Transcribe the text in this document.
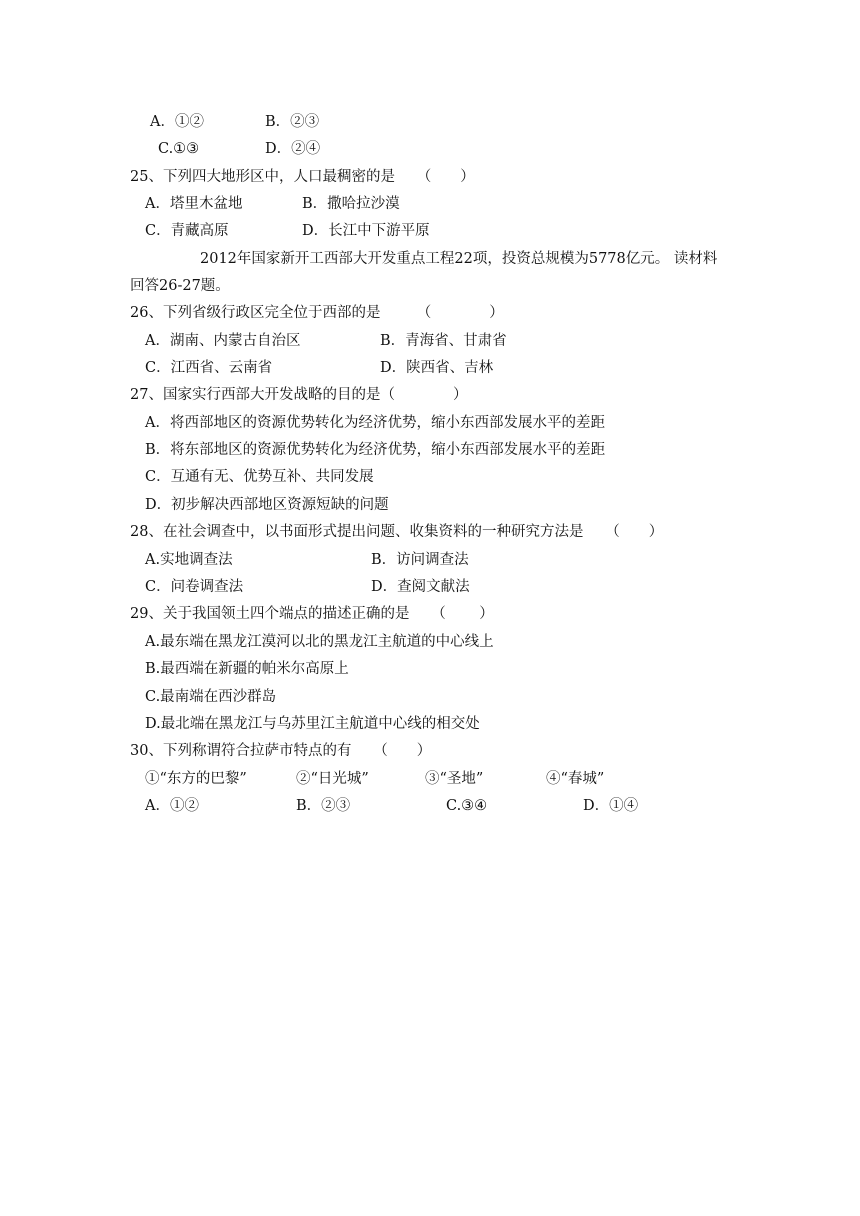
A．①②	B．②③
C.①③	D．②④
25、下列四大地形区中，人口最稠密的是　　（　　）
A．塔里木盆地	B．撒哈拉沙漠
C．青藏高原	D．长江中下游平原
2012年国家新开工西部大开发重点工程22项，投资总规模为5778亿元。 读材料
回答26-27题。
26、下列省级行政区完全位于西部的是　　　（　　　　）
A．湖南、内蒙古自治区	B．青海省、甘肃省
C．江西省、云南省	D．陕西省、吉林
27、国家实行西部大开发战略的目的是（　　　　）
A．将西部地区的资源优势转化为经济优势，缩小东西部发展水平的差距
B．将东部地区的资源优势转化为经济优势，缩小东西部发展水平的差距
C．互通有无、优势互补、共同发展
D．初步解决西部地区资源短缺的问题
28、在社会调查中，以书面形式提出问题、收集资料的一种研究方法是　　（　　）
A.实地调查法	B．访问调查法
C．问卷调查法	D．查阅文献法
29、关于我国领土四个端点的描述正确的是　　（　　 ）
A.最东端在黑龙江漠河以北的黑龙江主航道的中心线上
B.最西端在新疆的帕米尔高原上
C.最南端在西沙群岛
D.最北端在黑龙江与乌苏里江主航道中心线的相交处
30、下列称谓符合拉萨市特点的有　　（　　）
①“东方的巴黎”	②“日光城”	③“圣地”	④“春城”
A．①②	B．②③	C.③④	D．①④
